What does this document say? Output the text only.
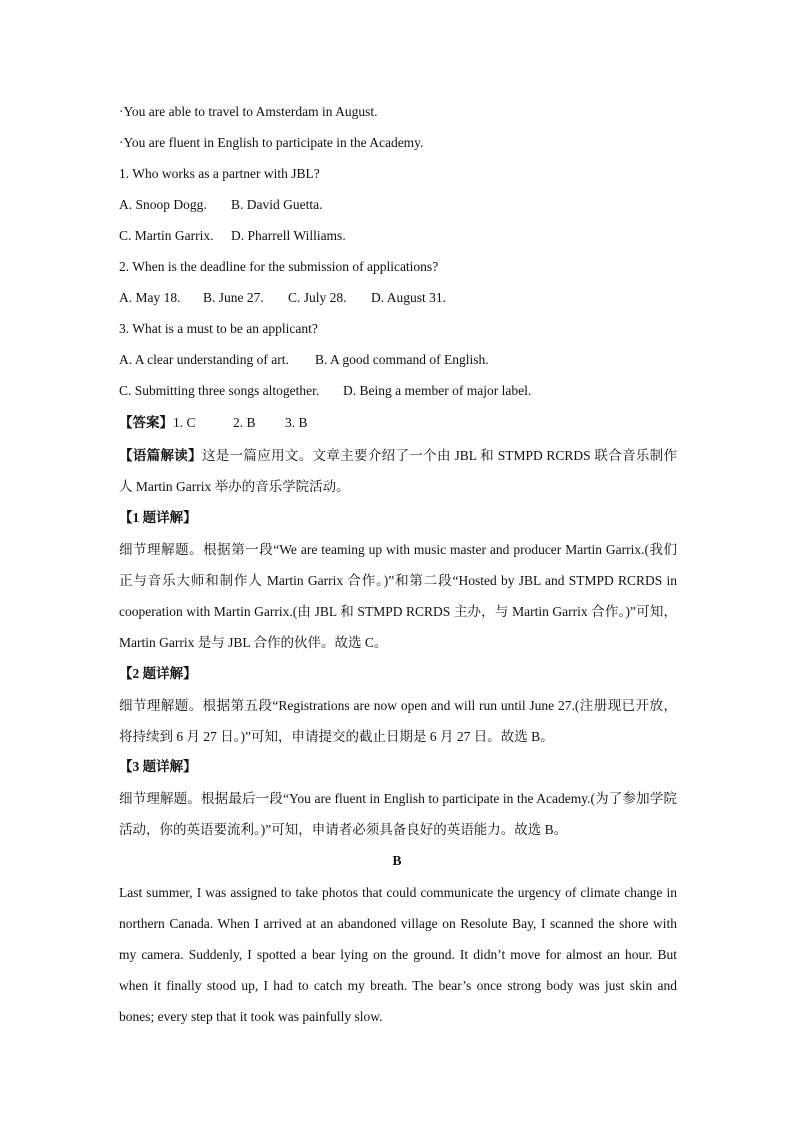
·You are able to travel to Amsterdam in August.
·You are fluent in English to participate in the Academy.
1. Who works as a partner with JBL?
A. Snoop Dogg. B. David Guetta.
C. Martin Garrix. D. Pharrell Williams.
2. When is the deadline for the submission of applications?
A. May 18. B. June 27. C. July 28. D. August 31.
3. What is a must to be an applicant?
A. A clear understanding of art. B. A good command of English.
C. Submitting three songs altogether. D. Being a member of major label.
【答案】1. C	2. B 3. B
【语篇解读】这是一篇应用文。文章主要介绍了一个由 JBL 和 STMPD RCRDS 联合音乐制作人 Martin Garrix 举办的音乐学院活动。
【1 题详解】
细节理解题。根据第一段“We are teaming up with music master and producer Martin Garrix.(我们正与音乐大师和制作人 Martin Garrix 合作。)”和第二段“Hosted by JBL and STMPD RCRDS in cooperation with Martin Garrix.(由 JBL 和 STMPD RCRDS 主办，与 Martin Garrix 合作。)”可知，Martin Garrix 是与 JBL 合作的伙伴。故选 C。
【2 题详解】
细节理解题。根据第五段“Registrations are now open and will run until June 27.(注册现已开放，将持续到 6 月 27 日。)”可知，申请提交的截止日期是 6 月 27 日。故选 B。
【3 题详解】
细节理解题。根据最后一段“You are fluent in English to participate in the Academy.(为了参加学院活动，你的英语要流利。)”可知，申请者必须具备良好的英语能力。故选 B。
B
Last summer, I was assigned to take photos that could communicate the urgency of climate change in northern Canada. When I arrived at an abandoned village on Resolute Bay, I scanned the shore with my camera. Suddenly, I spotted a bear lying on the ground. It didn’t move for almost an hour. But when it finally stood up, I had to catch my breath. The bear’s once strong body was just skin and bones; every step that it took was painfully slow.
